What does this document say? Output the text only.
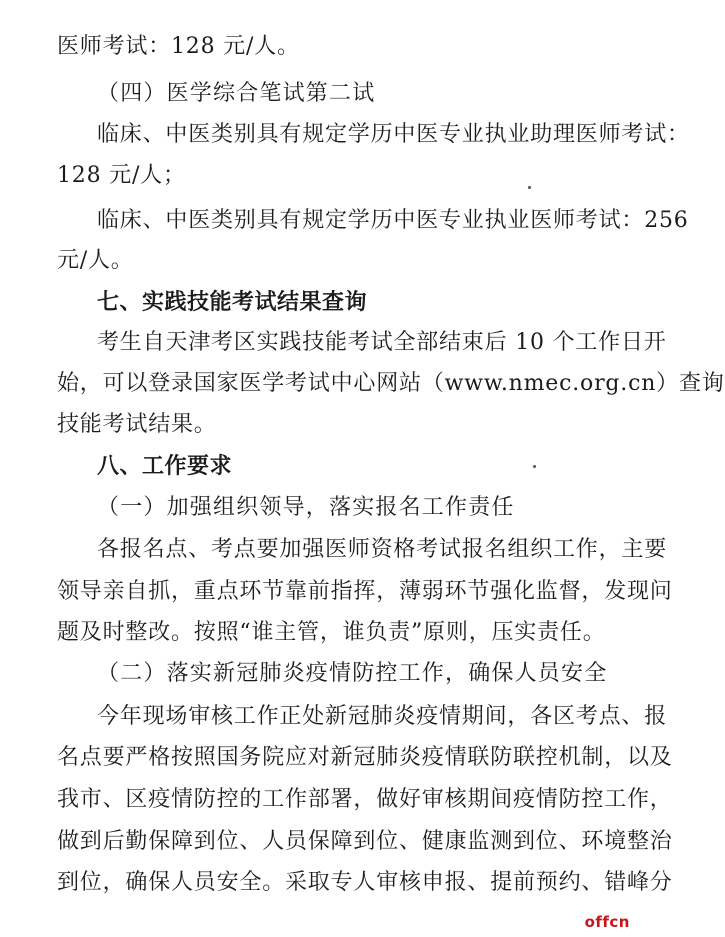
医师考试：128 元/人。
（四）医学综合笔试第二试
临床、中医类别具有规定学历中医专业执业助理医师考试：
128 元/人；
临床、中医类别具有规定学历中医专业执业医师考试：256
元/人。
七、实践技能考试结果查询
考生自天津考区实践技能考试全部结束后 10 个工作日开
始，可以登录国家医学考试中心网站（www.nmec.org.cn）查询
技能考试结果。
八、工作要求
（一）加强组织领导，落实报名工作责任
各报名点、考点要加强医师资格考试报名组织工作，主要
领导亲自抓，重点环节靠前指挥，薄弱环节强化监督，发现问
题及时整改。按照“谁主管，谁负责”原则，压实责任。
（二）落实新冠肺炎疫情防控工作，确保人员安全
今年现场审核工作正处新冠肺炎疫情期间，各区考点、报
名点要严格按照国务院应对新冠肺炎疫情联防联控机制，以及
我市、区疫情防控的工作部署，做好审核期间疫情防控工作，
做到后勤保障到位、人员保障到位、健康监测到位、环境整治
到位，确保人员安全。采取专人审核申报、提前预约、错峰分
offcn
